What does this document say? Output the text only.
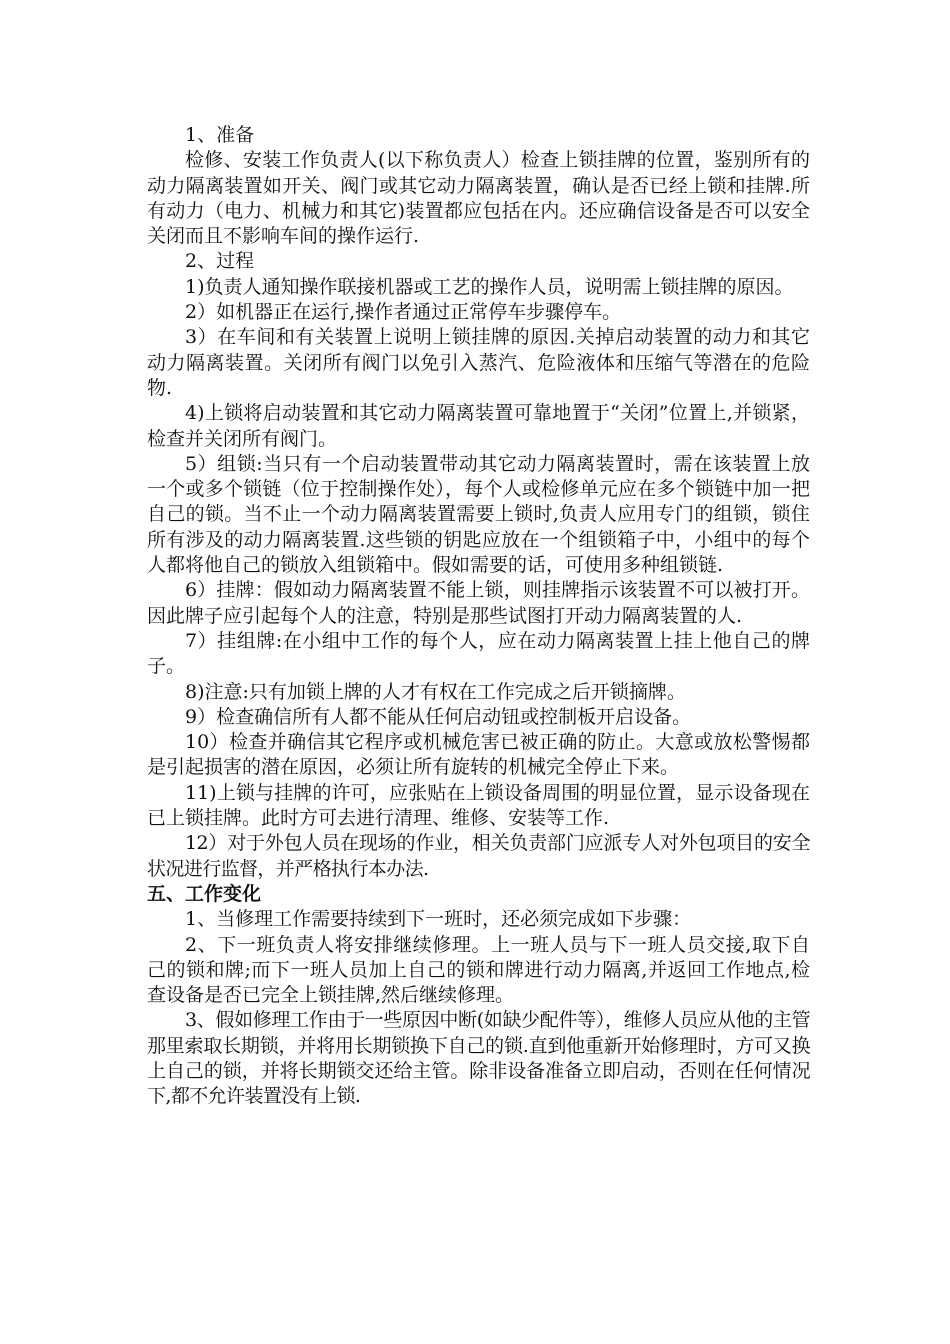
1、准备

检修、安装工作负责人(以下称负责人）检查上锁挂牌的位置，鉴别所有的动力隔离装置如开关、阀门或其它动力隔离装置，确认是否已经上锁和挂牌.所有动力（电力、机械力和其它)装置都应包括在内。还应确信设备是否可以安全关闭而且不影响车间的操作运行.

2、过程

1)负责人通知操作联接机器或工艺的操作人员，说明需上锁挂牌的原因。

2）如机器正在运行,操作者通过正常停车步骤停车。

3）在车间和有关装置上说明上锁挂牌的原因.关掉启动装置的动力和其它动力隔离装置。关闭所有阀门以免引入蒸汽、危险液体和压缩气等潜在的危险物.

4)上锁将启动装置和其它动力隔离装置可靠地置于“关闭”位置上,并锁紧，检查并关闭所有阀门。

5）组锁:当只有一个启动装置带动其它动力隔离装置时，需在该装置上放一个或多个锁链（位于控制操作处），每个人或检修单元应在多个锁链中加一把自己的锁。当不止一个动力隔离装置需要上锁时,负责人应用专门的组锁，锁住所有涉及的动力隔离装置.这些锁的钥匙应放在一个组锁箱子中，小组中的每个人都将他自己的锁放入组锁箱中。假如需要的话，可使用多种组锁链.

6）挂牌：假如动力隔离装置不能上锁，则挂牌指示该装置不可以被打开。因此牌子应引起每个人的注意，特别是那些试图打开动力隔离装置的人.

7）挂组牌:在小组中工作的每个人，应在动力隔离装置上挂上他自己的牌子。

8)注意:只有加锁上牌的人才有权在工作完成之后开锁摘牌。

9）检查确信所有人都不能从任何启动钮或控制板开启设备。

10）检查并确信其它程序或机械危害已被正确的防止。大意或放松警惕都是引起损害的潜在原因，必须让所有旋转的机械完全停止下来。

11)上锁与挂牌的许可，应张贴在上锁设备周围的明显位置，显示设备现在已上锁挂牌。此时方可去进行清理、维修、安装等工作.

12）对于外包人员在现场的作业，相关负责部门应派专人对外包项目的安全状况进行监督，并严格执行本办法.

五、工作变化

1、当修理工作需要持续到下一班时，还必须完成如下步骤：

2、下一班负责人将安排继续修理。上一班人员与下一班人员交接,取下自己的锁和牌;而下一班人员加上自己的锁和牌进行动力隔离,并返回工作地点,检查设备是否已完全上锁挂牌,然后继续修理。

3、假如修理工作由于一些原因中断(如缺少配件等），维修人员应从他的主管那里索取长期锁，并将用长期锁换下自己的锁.直到他重新开始修理时，方可又换上自己的锁，并将长期锁交还给主管。除非设备准备立即启动，否则在任何情况下,都不允许装置没有上锁.
